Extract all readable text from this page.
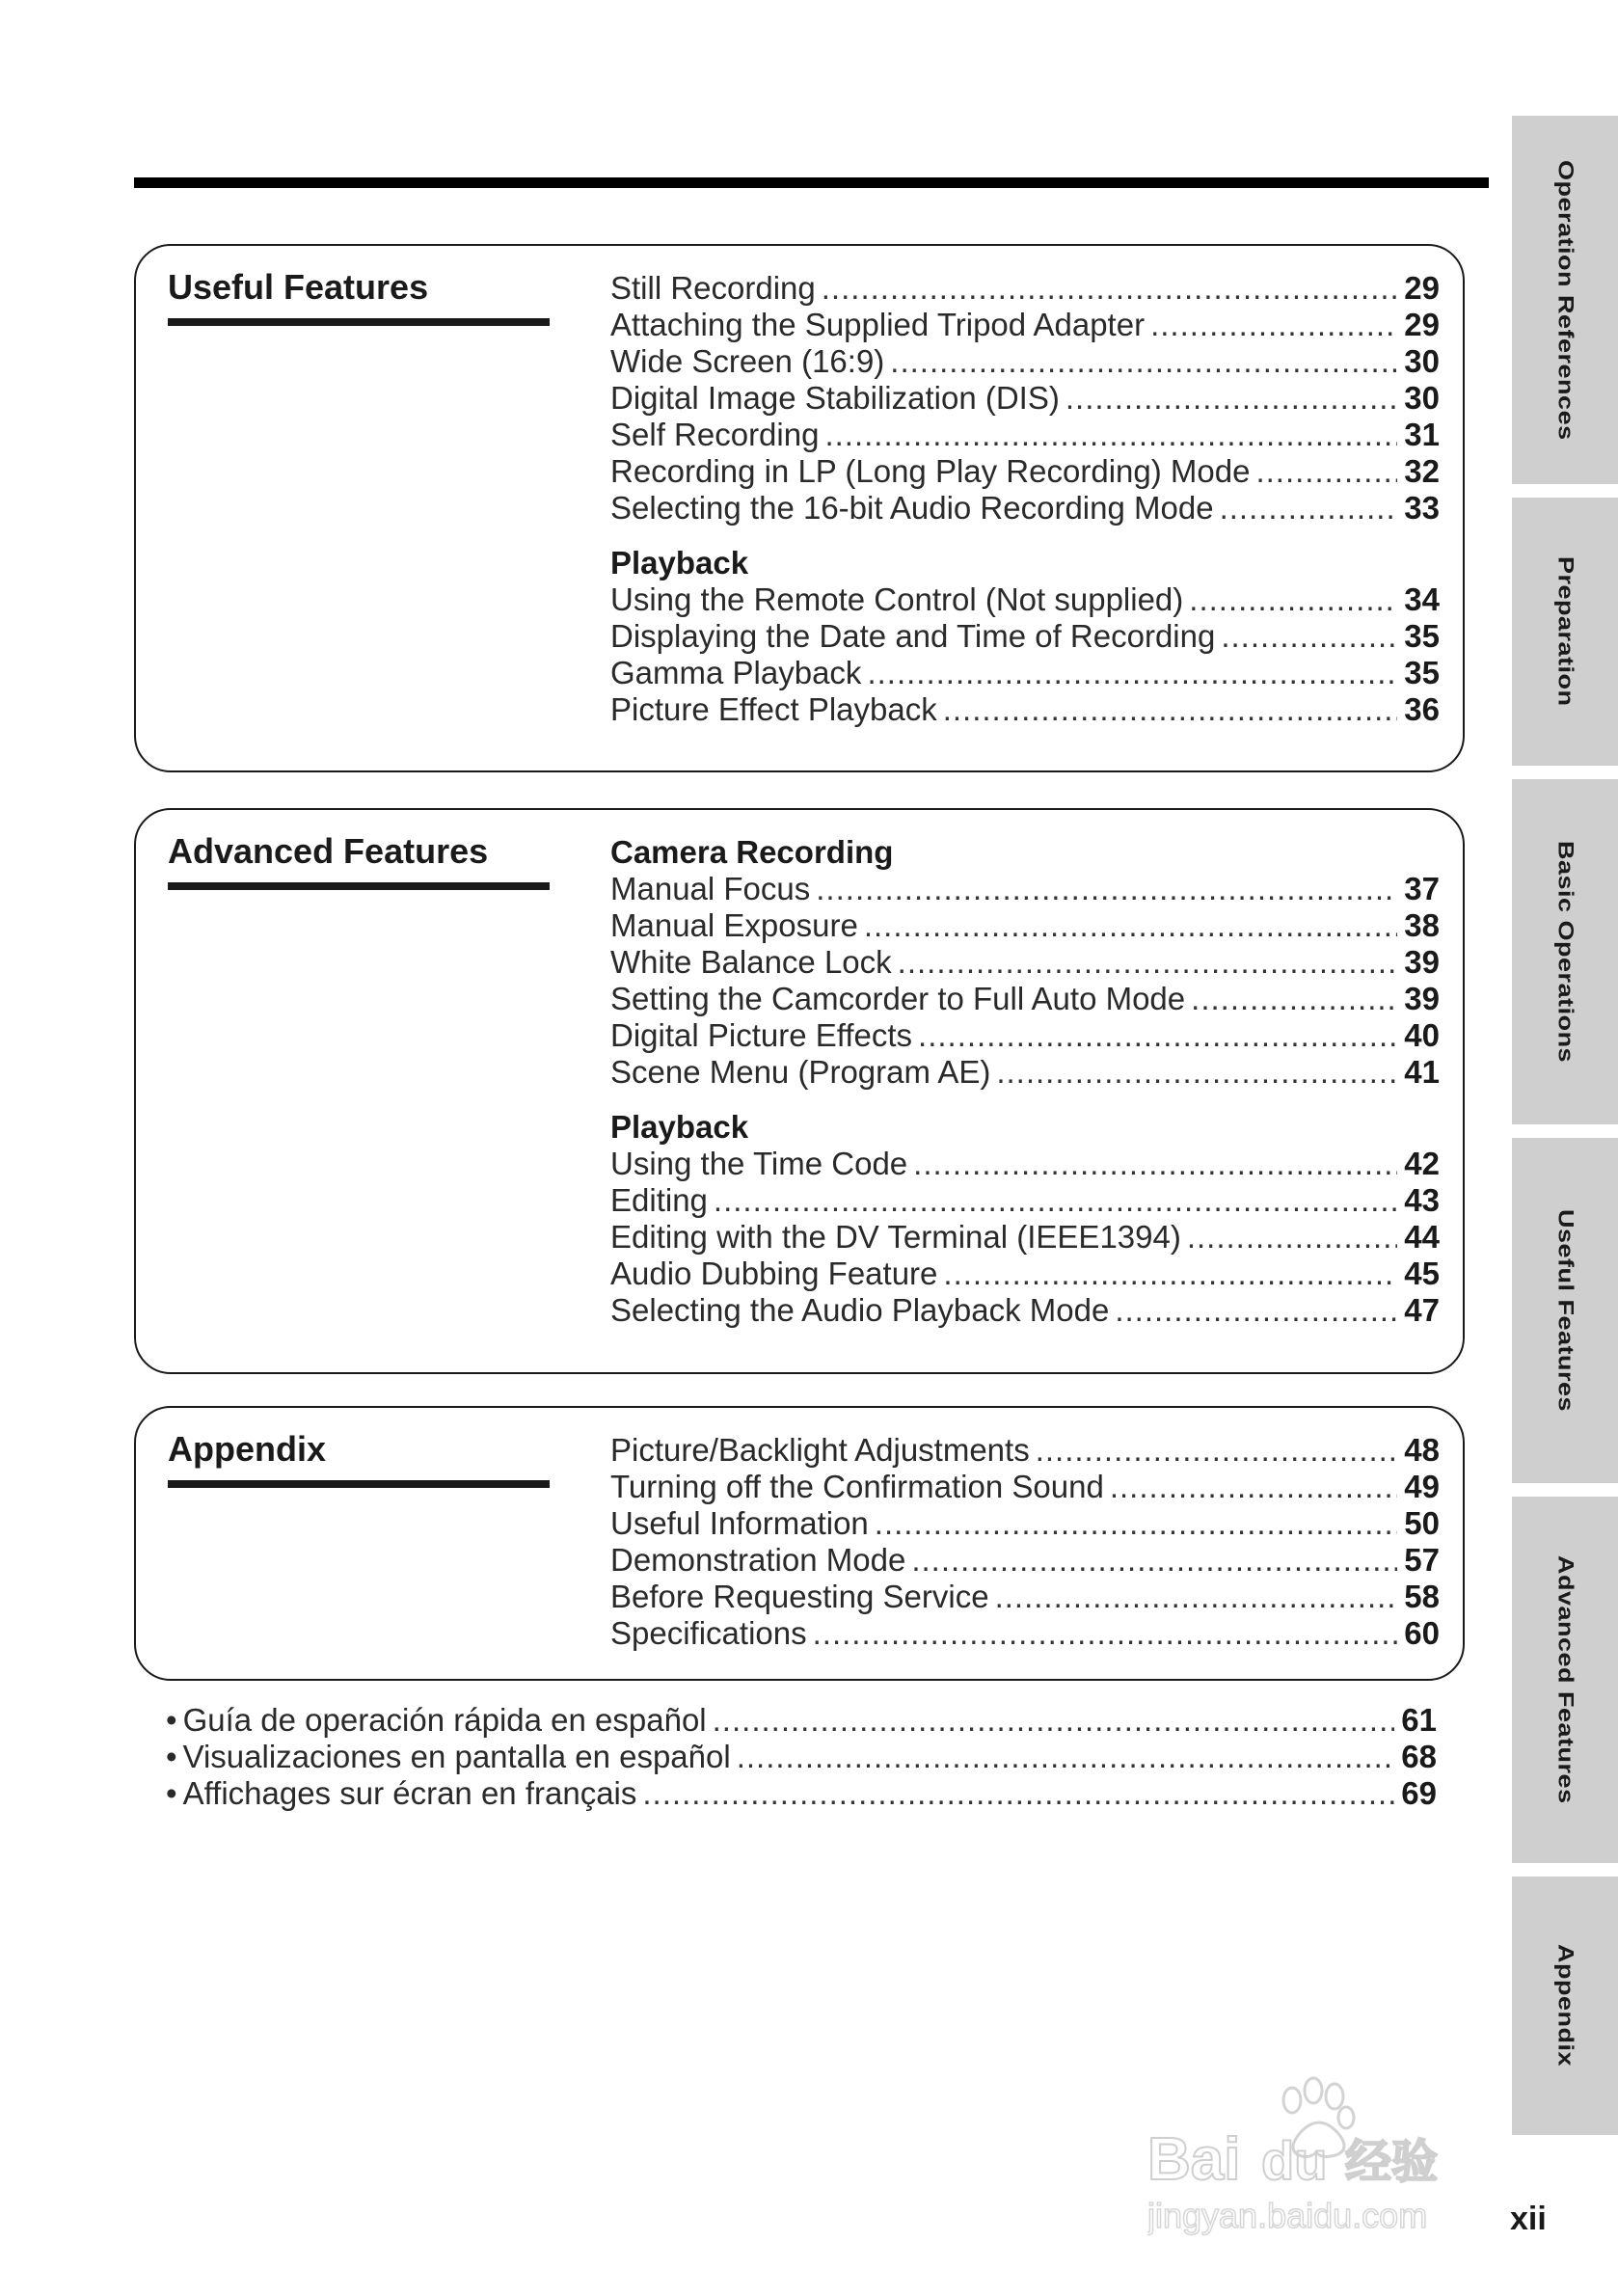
Useful Features	Still Recording .....	29
Attaching the Supplied Tripod Adapter .....	29
Wide Screen (16:9) .....	30
Digital Image Stabilization (DIS) .....	30
Self Recording .....	31
Recording in LP (Long Play Recording) Mode .....	32
Selecting the 16-bit Audio Recording Mode .....	33
Playback
Using the Remote Control (Not supplied) .....	34
Displaying the Date and Time of Recording .....	35
Gamma Playback .....	35
Picture Effect Playback .....	36
Advanced Features	Camera Recording
Manual Focus .....	37
Manual Exposure .....	38
White Balance Lock .....	39
Setting the Camcorder to Full Auto Mode .....	39
Digital Picture Effects .....	40
Scene Menu (Program AE) .....	41
Playback
Using the Time Code .....	42
Editing .....	43
Editing with the DV Terminal (IEEE1394) .....	44
Audio Dubbing Feature .....	45
Selecting the Audio Playback Mode .....	47
Appendix	Picture/Backlight Adjustments .....	48
Turning off the Confirmation Sound .....	49
Useful Information .....	50
Demonstration Mode .....	57
Before Requesting Service .....	58
Specifications .....	60
• Guía de operación rápida en español .....	61
• Visualizaciones en pantalla en español .....	68
• Affichages sur écran en français .....	69
Operation References
Preparation
Basic Operations
Useful Features
Advanced Features
Appendix
xii
Bai du 经验
jingyan.baidu.com
